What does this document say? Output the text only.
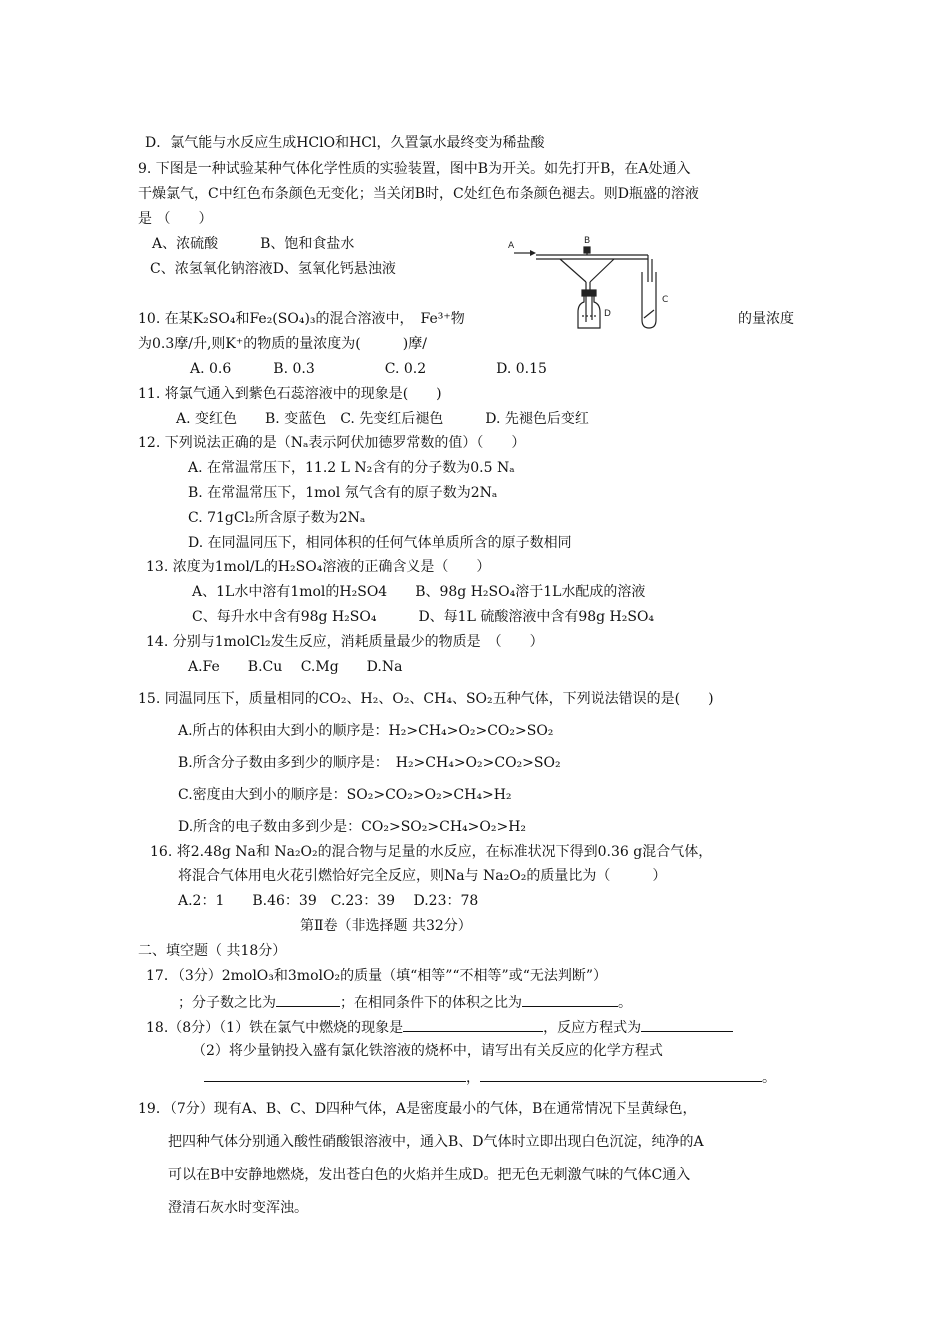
D．氯气能与水反应生成HClO和HCl，久置氯水最终变为稀盐酸
9. 下图是一种试验某种气体化学性质的实验装置，图中B为开关。如先打开B，在A处通入
干燥氯气，C中红色布条颜色无变化；当关闭B时，C处红色布条颜色褪去。则D瓶盛的溶液
是 （　　）
A、浓硫酸　　　B、饱和食盐水
C、浓氢氧化钠溶液D、氢氧化钙悬浊液
A	B
C
D
10. 在某K₂SO₄和Fe₂(SO₄)₃的混合溶液中，　Fe³⁺物	的量浓度
为0.3摩/升,则K⁺的物质的量浓度为(　　　)摩/
A. 0.6　　　B. 0.3　　　　　C. 0.2　　　　　D. 0.15
11. 将氯气通入到紫色石蕊溶液中的现象是(　　)
A. 变红色　　B. 变蓝色　C. 先变红后褪色　　　D. 先褪色后变红
12. 下列说法正确的是（Nₐ表示阿伏加德罗常数的值）（　　）
A. 在常温常压下，11.2 L N₂含有的分子数为0.5 Nₐ
B. 在常温常压下，1mol 氖气含有的原子数为2Nₐ
C. 71gCl₂所含原子数为2Nₐ
D. 在同温同压下，相同体积的任何气体单质所含的原子数相同
13. 浓度为1mol/L的H₂SO₄溶液的正确含义是（　　）
A、1L水中溶有1mol的H₂SO4　　B、98g H₂SO₄溶于1L水配成的溶液
C、每升水中含有98g H₂SO₄　　　D、每1L 硫酸溶液中含有98g H₂SO₄
14. 分别与1molCl₂发生反应，消耗质量最少的物质是　（　　）
A.Fe　　B.Cu　 C.Mg　　D.Na
15. 同温同压下，质量相同的CO₂、H₂、O₂、CH₄、SO₂五种气体，下列说法错误的是(　　)
A.所占的体积由大到小的顺序是：H₂>CH₄>O₂>CO₂>SO₂
B.所含分子数由多到少的顺序是：　H₂>CH₄>O₂>CO₂>SO₂
C.密度由大到小的顺序是：SO₂>CO₂>O₂>CH₄>H₂
D.所含的电子数由多到少是：CO₂>SO₂>CH₄>O₂>H₂
16. 将2.48g Na和 Na₂O₂的混合物与足量的水反应，在标准状况下得到0.36 g混合气体，
将混合气体用电火花引燃恰好完全反应，则Na与 Na₂O₂的质量比为（　　　）
A.2：1　　B.46：39　C.23：39　 D.23：78
第Ⅱ卷（非选择题 共32分）
二、填空题（ 共18分）
17．（3分）2molO₃和3molO₂的质量（填“相等”“不相等”或“无法判断”）
；分子数之比为	；在相同条件下的体积之比为	。
18.（8分）（1）铁在氯气中燃烧的现象是	，反应方程式为
（2）将少量钠投入盛有氯化铁溶液的烧杯中，请写出有关反应的化学方程式
，	。
19．（7分）现有A、B、C、D四种气体，A是密度最小的气体，B在通常情况下呈黄绿色，
把四种气体分别通入酸性硝酸银溶液中，通入B、D气体时立即出现白色沉淀，纯净的A
可以在B中安静地燃烧，发出苍白色的火焰并生成D。把无色无刺激气味的气体C通入
澄清石灰水时变浑浊。
